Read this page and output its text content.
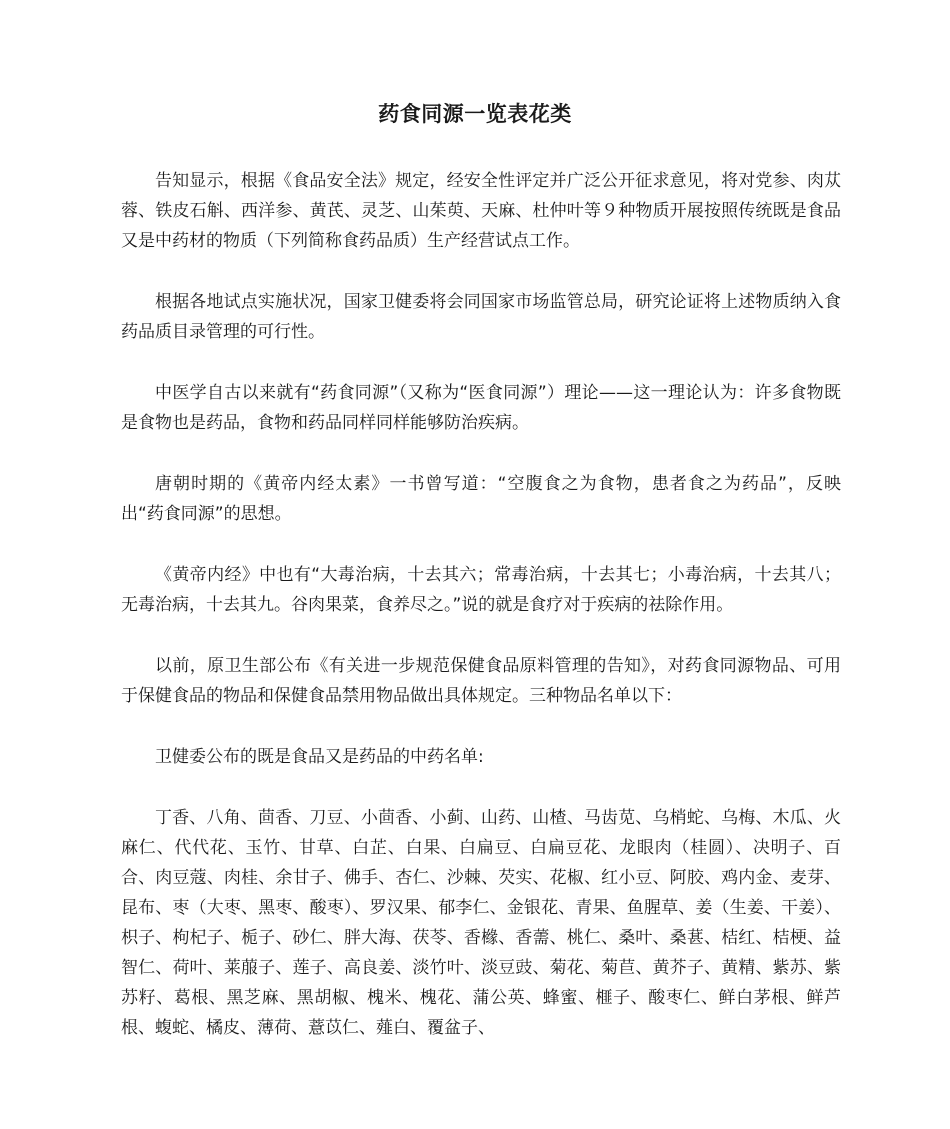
药食同源一览表花类

告知显示，根据《食品安全法》规定，经安全性评定并广泛公开征求意见，将对党参、肉苁蓉、铁皮石斛、西洋参、黄芪、灵芝、山茱萸、天麻、杜仲叶等９种物质开展按照传统既是食品又是中药材的物质（下列简称食药品质）生产经营试点工作。

根据各地试点实施状况，国家卫健委将会同国家市场监管总局，研究论证将上述物质纳入食药品质目录管理的可行性。

中医学自古以来就有“药食同源”（又称为“医食同源”）理论——这一理论认为：许多食物既是食物也是药品，食物和药品同样同样能够防治疾病。

唐朝时期的《黄帝内经太素》一书曾写道：“空腹食之为食物，患者食之为药品”，反映出“药食同源”的思想。

《黄帝内经》中也有“大毒治病，十去其六；常毒治病，十去其七；小毒治病，十去其八；无毒治病，十去其九。谷肉果菜，食养尽之。”说的就是食疗对于疾病的祛除作用。

以前，原卫生部公布《有关进一步规范保健食品原料管理的告知》，对药食同源物品、可用于保健食品的物品和保健食品禁用物品做出具体规定。三种物品名单以下：

卫健委公布的既是食品又是药品的中药名单:

丁香、八角、茴香、刀豆、小茴香、小蓟、山药、山楂、马齿苋、乌梢蛇、乌梅、木瓜、火麻仁、代代花、玉竹、甘草、白芷、白果、白扁豆、白扁豆花、龙眼肉（桂圆）、决明子、百合、肉豆蔻、肉桂、余甘子、佛手、杏仁、沙棘、芡实、花椒、红小豆、阿胶、鸡内金、麦芽、昆布、枣（大枣、黑枣、酸枣）、罗汉果、郁李仁、金银花、青果、鱼腥草、姜（生姜、干姜）、枳子、枸杞子、栀子、砂仁、胖大海、茯苓、香橼、香薷、桃仁、桑叶、桑葚、桔红、桔梗、益智仁、荷叶、莱菔子、莲子、高良姜、淡竹叶、淡豆豉、菊花、菊苣、黄芥子、黄精、紫苏、紫苏籽、葛根、黑芝麻、黑胡椒、槐米、槐花、蒲公英、蜂蜜、榧子、酸枣仁、鲜白茅根、鲜芦根、蝮蛇、橘皮、薄荷、薏苡仁、薤白、覆盆子、
